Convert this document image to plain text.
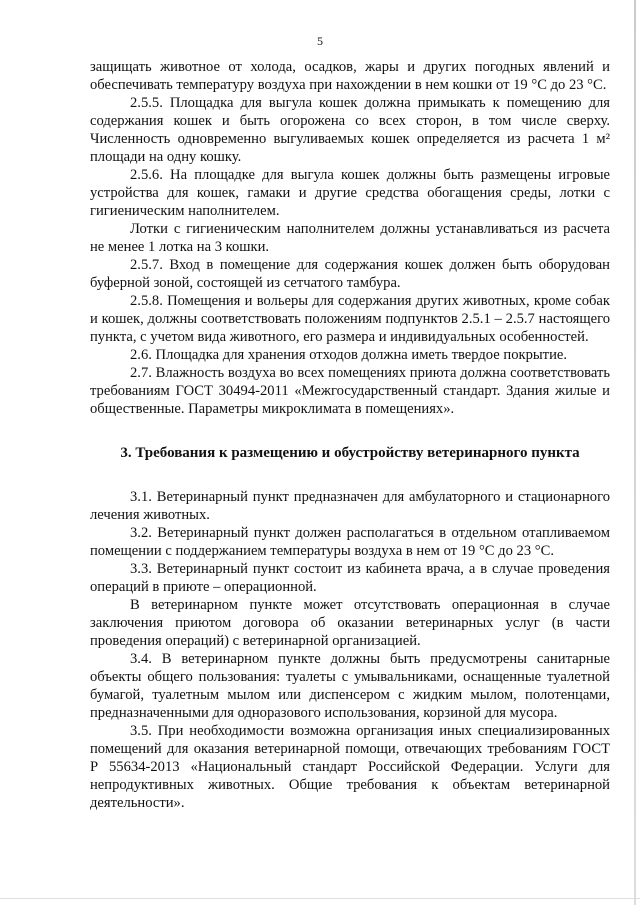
5

защищать животное от холода, осадков, жары и других погодных явлений и обеспечивать температуру воздуха при нахождении в нем кошки от 19 °С до 23 °С.

2.5.5. Площадка для выгула кошек должна примыкать к помещению для содержания кошек и быть огорожена со всех сторон, в том числе сверху. Численность одновременно выгуливаемых кошек определяется из расчета 1 м² площади на одну кошку.

2.5.6. На площадке для выгула кошек должны быть размещены игровые устройства для кошек, гамаки и другие средства обогащения среды, лотки с гигиеническим наполнителем.

Лотки с гигиеническим наполнителем должны устанавливаться из расчета не менее 1 лотка на 3 кошки.

2.5.7. Вход в помещение для содержания кошек должен быть оборудован буферной зоной, состоящей из сетчатого тамбура.

2.5.8. Помещения и вольеры для содержания других животных, кроме собак и кошек, должны соответствовать положениям подпунктов 2.5.1 – 2.5.7 настоящего пункта, с учетом вида животного, его размера и индивидуальных особенностей.

2.6. Площадка для хранения отходов должна иметь твердое покрытие.

2.7. Влажность воздуха во всех помещениях приюта должна соответствовать требованиям ГОСТ 30494-2011 «Межгосударственный стандарт. Здания жилые и общественные. Параметры микроклимата в помещениях».

3. Требования к размещению и обустройству ветеринарного пункта

3.1. Ветеринарный пункт предназначен для амбулаторного и стационарного лечения животных.

3.2. Ветеринарный пункт должен располагаться в отдельном отапливаемом помещении с поддержанием температуры воздуха в нем от 19 °С до 23 °С.

3.3. Ветеринарный пункт состоит из кабинета врача, а в случае проведения операций в приюте – операционной.

В ветеринарном пункте может отсутствовать операционная в случае заключения приютом договора об оказании ветеринарных услуг (в части проведения операций) с ветеринарной организацией.

3.4. В ветеринарном пункте должны быть предусмотрены санитарные объекты общего пользования: туалеты с умывальниками, оснащенные туалетной бумагой, туалетным мылом или диспенсером с жидким мылом, полотенцами, предназначенными для одноразового использования, корзиной для мусора.

3.5. При необходимости возможна организация иных специализированных помещений для оказания ветеринарной помощи, отвечающих требованиям ГОСТ Р 55634-2013 «Национальный стандарт Российской Федерации. Услуги для непродуктивных животных. Общие требования к объектам ветеринарной деятельности».
